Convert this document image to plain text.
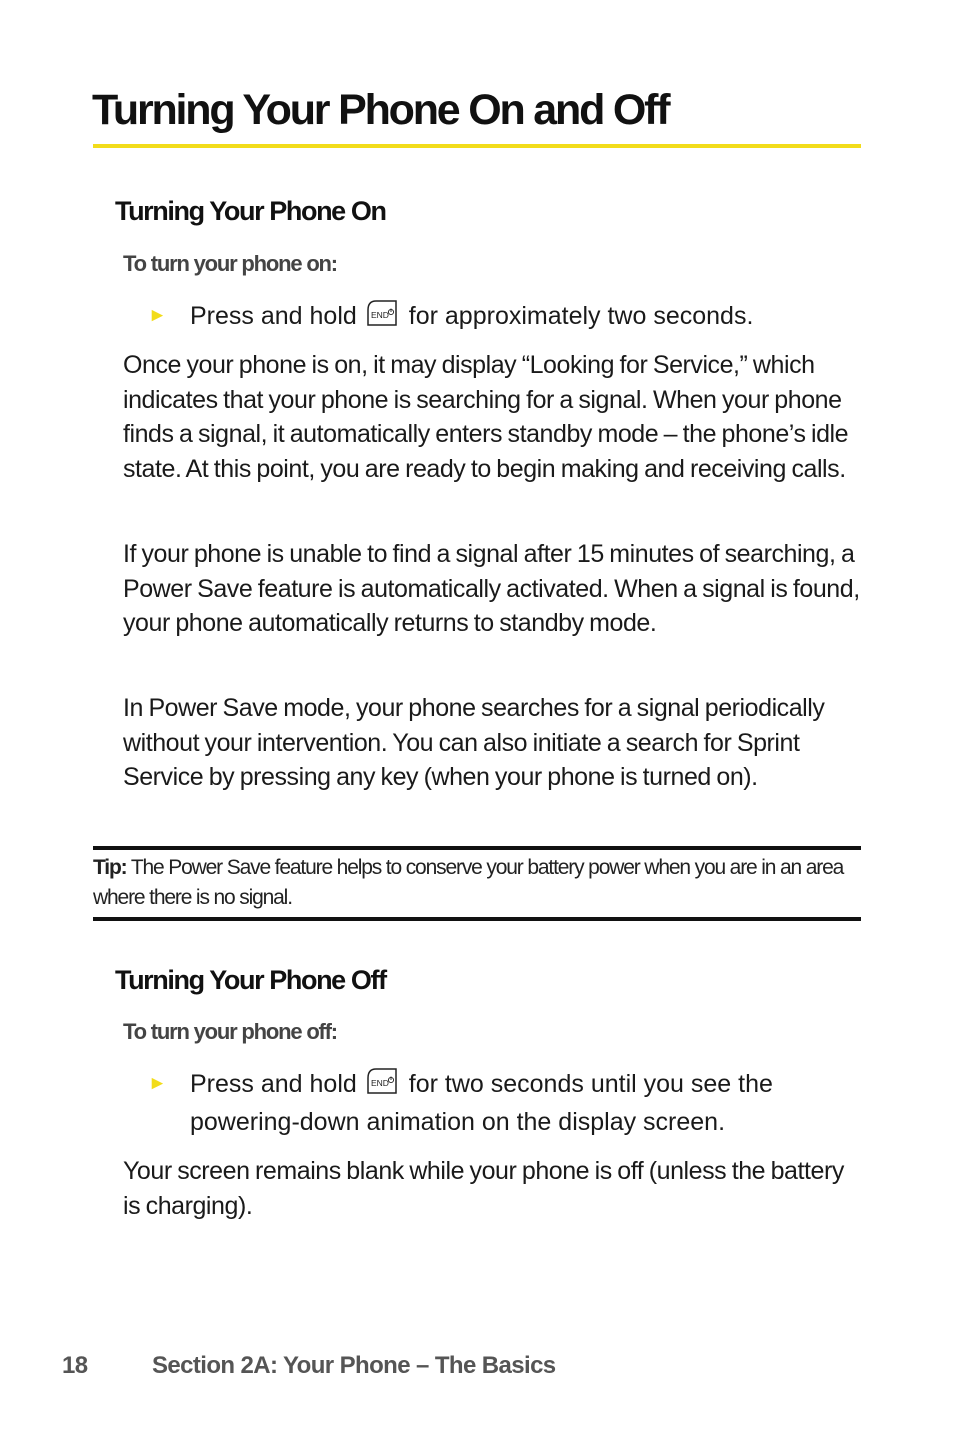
Turning Your Phone On and Off
Turning Your Phone On
To turn your phone on:
► Press and hold END for approximately two seconds.

Once your phone is on, it may display “Looking for Service,” which indicates that your phone is searching for a signal. When your phone finds a signal, it automatically enters standby mode – the phone’s idle state. At this point, you are ready to begin making and receiving calls.

If your phone is unable to find a signal after 15 minutes of searching, a Power Save feature is automatically activated. When a signal is found, your phone automatically returns to standby mode.

In Power Save mode, your phone searches for a signal periodically without your intervention. You can also initiate a search for Sprint Service by pressing any key (when your phone is turned on).

Tip: The Power Save feature helps to conserve your battery power when you are in an area where there is no signal.

Turning Your Phone Off
To turn your phone off:
► Press and hold END for two seconds until you see the powering-down animation on the display screen.

Your screen remains blank while your phone is off (unless the battery is charging).

18	Section 2A: Your Phone – The Basics
